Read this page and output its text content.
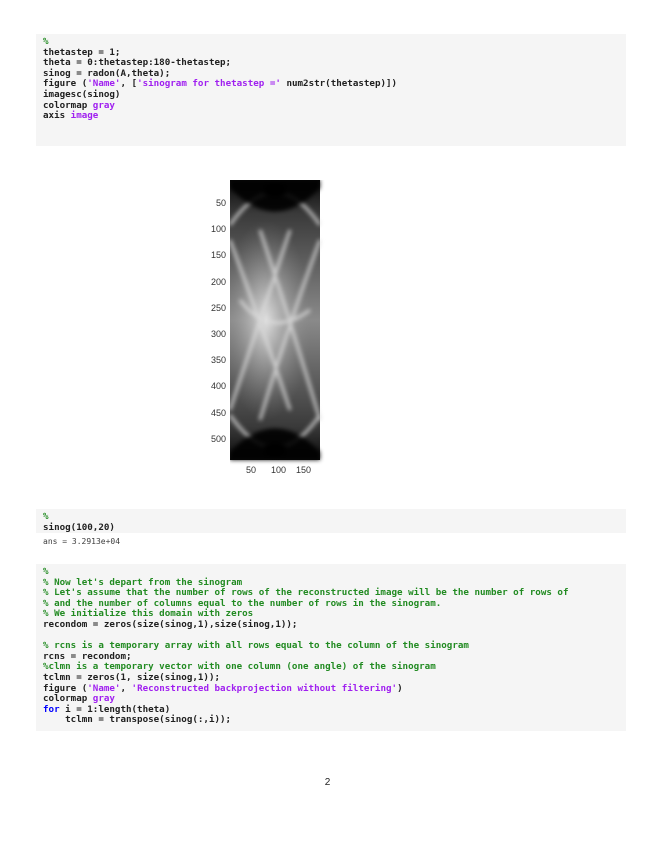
%
thetastep = 1;
theta = 0:thetastep:180-thetastep;
sinog = radon(A,theta);
figure ('Name', ['sinogram for thetastep =' num2str(thetastep)])
imagesc(sinog)
colormap gray
axis image
50
100
150
200
250
300
350
400
450
500
50 100 150
%
sinog(100,20)
ans = 3.2913e+04
%
% Now let's depart from the sinogram
% Let's assume that the number of rows of the reconstructed image will be the number of rows of
% and the number of columns equal to the number of rows in the sinogram.
% We initialize this domain with zeros
recondom = zeros(size(sinog,1),size(sinog,1));
% rcns is a temporary array with all rows equal to the column of the sinogram
rcns = recondom;
%clmn is a temporary vector with one column (one angle) of the sinogram
tclmn = zeros(1, size(sinog,1));
figure ('Name', 'Reconstructed backprojection without filtering')
colormap gray
for i = 1:length(theta)
tclmn = transpose(sinog(:,i));
2
